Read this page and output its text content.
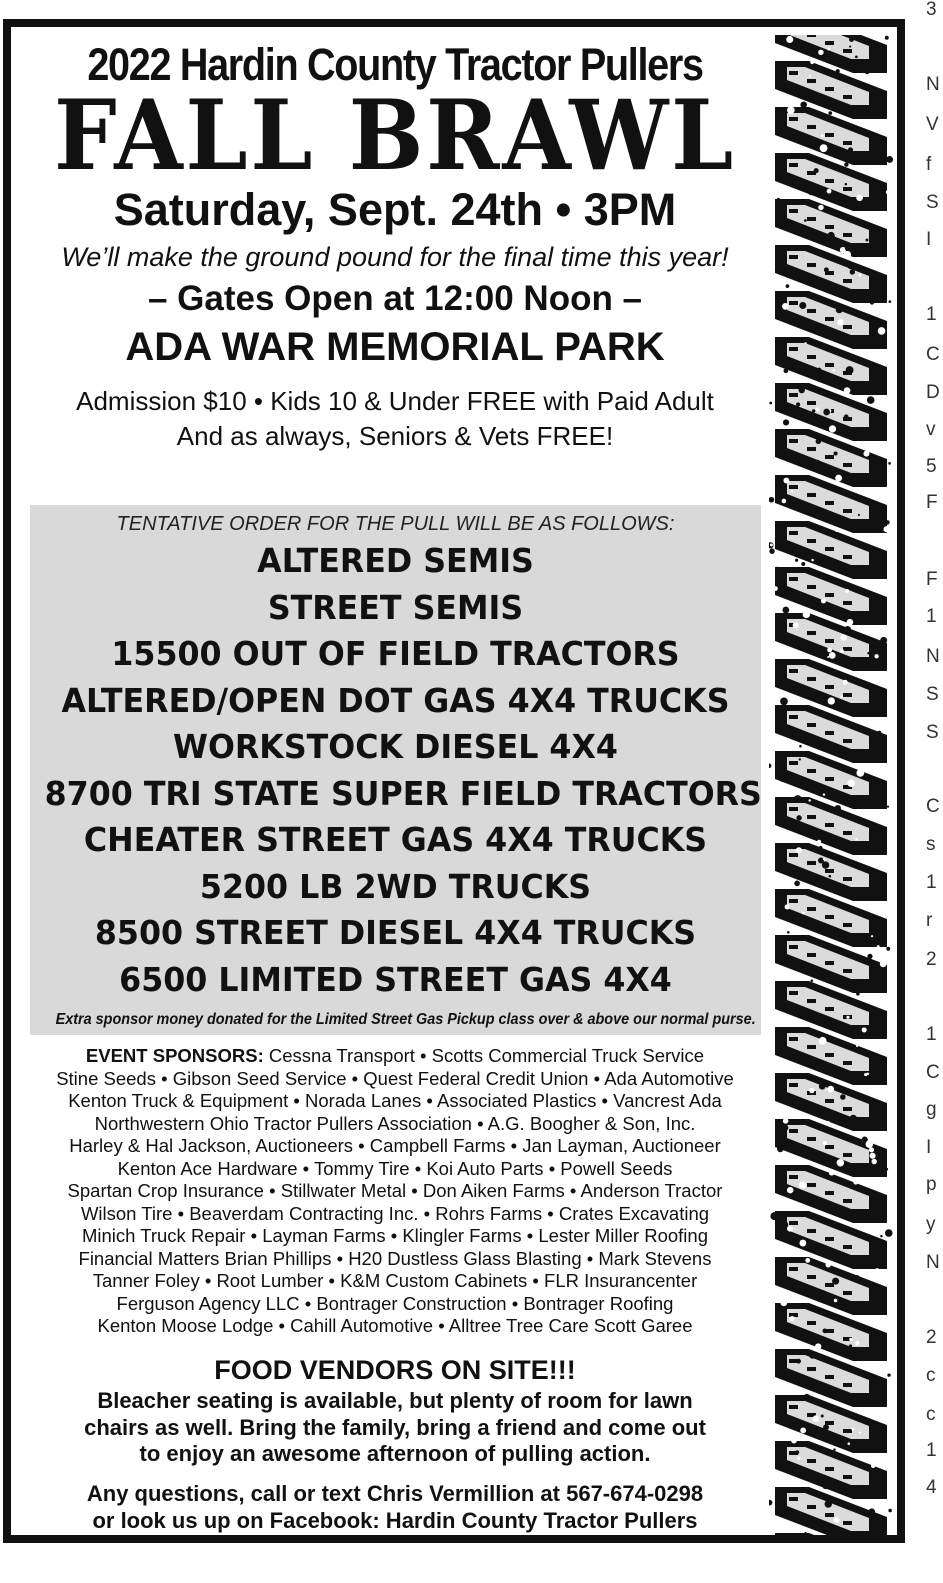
3
N
V
f
S
I
1
C
D
v
5
F
F
1
N
S
S
C
s
1
r
2
1
C
g
I
p
y
N
2
c
c
1
4
2022 Hardin County Tractor Pullers
FALL BRAWL
Saturday, Sept. 24th • 3PM
We’ll make the ground pound for the final time this year!
– Gates Open at 12:00 Noon –
ADA WAR MEMORIAL PARK
Admission $10 • Kids 10 & Under FREE with Paid Adult
And as always, Seniors & Vets FREE!
TENTATIVE ORDER FOR THE PULL WILL BE AS FOLLOWS:
ALTERED SEMIS
STREET SEMIS
15500 OUT OF FIELD TRACTORS
ALTERED/OPEN DOT GAS 4X4 TRUCKS
WORKSTOCK DIESEL 4X4
8700 TRI STATE SUPER FIELD TRACTORS
CHEATER STREET GAS 4X4 TRUCKS
5200 LB 2WD TRUCKS
8500 STREET DIESEL 4X4 TRUCKS
6500 LIMITED STREET GAS 4X4
Extra sponsor money donated for the Limited Street Gas Pickup class over & above our normal purse.
EVENT SPONSORS: Cessna Transport • Scotts Commercial Truck Service
Stine Seeds • Gibson Seed Service • Quest Federal Credit Union • Ada Automotive
Kenton Truck & Equipment • Norada Lanes • Associated Plastics • Vancrest Ada
Northwestern Ohio Tractor Pullers Association • A.G. Boogher & Son, Inc.
Harley & Hal Jackson, Auctioneers • Campbell Farms • Jan Layman, Auctioneer
Kenton Ace Hardware • Tommy Tire • Koi Auto Parts • Powell Seeds
Spartan Crop Insurance • Stillwater Metal • Don Aiken Farms • Anderson Tractor
Wilson Tire • Beaverdam Contracting Inc. • Rohrs Farms • Crates Excavating
Minich Truck Repair • Layman Farms • Klingler Farms • Lester Miller Roofing
Financial Matters Brian Phillips • H20 Dustless Glass Blasting • Mark Stevens
Tanner Foley • Root Lumber • K&M Custom Cabinets • FLR Insurancenter
Ferguson Agency LLC • Bontrager Construction • Bontrager Roofing
Kenton Moose Lodge • Cahill Automotive • Alltree Tree Care Scott Garee
FOOD VENDORS ON SITE!!!
Bleacher seating is available, but plenty of room for lawn
chairs as well. Bring the family, bring a friend and come out
to enjoy an awesome afternoon of pulling action.
Any questions, call or text Chris Vermillion at 567-674-0298
or look us up on Facebook: Hardin County Tractor Pullers
